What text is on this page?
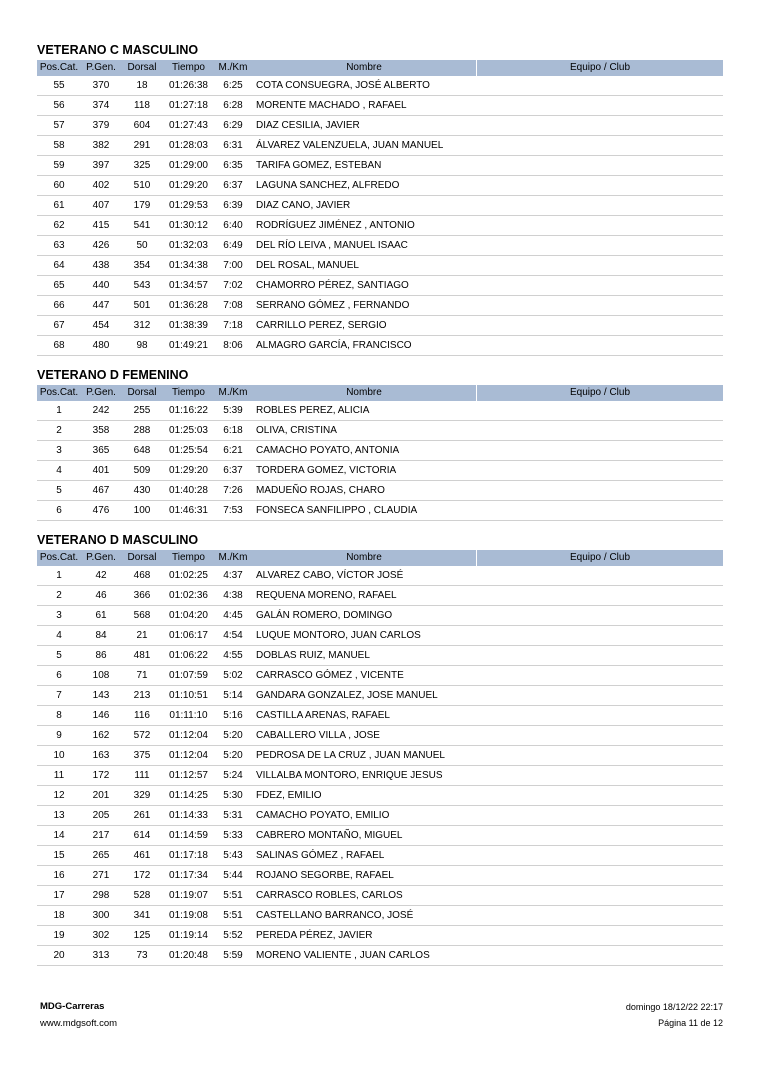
VETERANO C MASCULINO
Pos.Cat. P.Gen.	Dorsal	Tiempo	M./Km	Nombre	Equipo / Club
55	370	18	01:26:38	6:25	COTA CONSUEGRA, JOSÉ ALBERTO
56	374	118	01:27:18	6:28	MORENTE MACHADO , RAFAEL
57	379	604	01:27:43	6:29	DIAZ CESILIA, JAVIER
58	382	291	01:28:03	6:31	ÁLVAREZ VALENZUELA, JUAN MANUEL
59	397	325	01:29:00	6:35	TARIFA GOMEZ, ESTEBAN
60	402	510	01:29:20	6:37	LAGUNA SANCHEZ, ALFREDO
61	407	179	01:29:53	6:39	DIAZ CANO, JAVIER
62	415	541	01:30:12	6:40	RODRÍGUEZ JIMÉNEZ , ANTONIO
63	426	50	01:32:03	6:49	DEL RÍO LEIVA , MANUEL ISAAC
64	438	354	01:34:38	7:00	DEL ROSAL, MANUEL
65	440	543	01:34:57	7:02	CHAMORRO PÉREZ, SANTIAGO
66	447	501	01:36:28	7:08	SERRANO GÓMEZ , FERNANDO
67	454	312	01:38:39	7:18	CARRILLO PEREZ, SERGIO
68	480	98	01:49:21	8:06	ALMAGRO GARCÍA, FRANCISCO
VETERANO D FEMENINO
Pos.Cat. P.Gen.	Dorsal	Tiempo	M./Km	Nombre	Equipo / Club
1	242	255	01:16:22	5:39	ROBLES PEREZ, ALICIA
2	358	288	01:25:03	6:18	OLIVA, CRISTINA
3	365	648	01:25:54	6:21	CAMACHO POYATO, ANTONIA
4	401	509	01:29:20	6:37	TORDERA GOMEZ, VICTORIA
5	467	430	01:40:28	7:26	MADUEÑO ROJAS, CHARO
6	476	100	01:46:31	7:53	FONSECA SANFILIPPO , CLAUDIA
VETERANO D MASCULINO
Pos.Cat. P.Gen.	Dorsal	Tiempo	M./Km	Nombre	Equipo / Club
1	42	468	01:02:25	4:37	ALVAREZ CABO, VÍCTOR JOSÉ
2	46	366	01:02:36	4:38	REQUENA MORENO, RAFAEL
3	61	568	01:04:20	4:45	GALÁN ROMERO, DOMINGO
4	84	21	01:06:17	4:54	LUQUE MONTORO, JUAN CARLOS
5	86	481	01:06:22	4:55	DOBLAS RUIZ, MANUEL
6	108	71	01:07:59	5:02	CARRASCO GÓMEZ , VICENTE
7	143	213	01:10:51	5:14	GANDARA GONZALEZ, JOSE MANUEL
8	146	116	01:11:10	5:16	CASTILLA ARENAS, RAFAEL
9	162	572	01:12:04	5:20	CABALLERO VILLA , JOSE
10	163	375	01:12:04	5:20	PEDROSA DE LA CRUZ , JUAN MANUEL
11	172	111	01:12:57	5:24	VILLALBA MONTORO, ENRIQUE JESUS
12	201	329	01:14:25	5:30	FDEZ, EMILIO
13	205	261	01:14:33	5:31	CAMACHO POYATO, EMILIO
14	217	614	01:14:59	5:33	CABRERO MONTAÑO, MIGUEL
15	265	461	01:17:18	5:43	SALINAS GÓMEZ , RAFAEL
16	271	172	01:17:34	5:44	ROJANO SEGORBE, RAFAEL
17	298	528	01:19:07	5:51	CARRASCO ROBLES, CARLOS
18	300	341	01:19:08	5:51	CASTELLANO BARRANCO, JOSÉ
19	302	125	01:19:14	5:52	PEREDA PÉREZ, JAVIER
20	313	73	01:20:48	5:59	MORENO VALIENTE , JUAN CARLOS
MDG-Carreras
www.mdgsoft.com
domingo 18/12/22 22:17
Página 11 de 12
